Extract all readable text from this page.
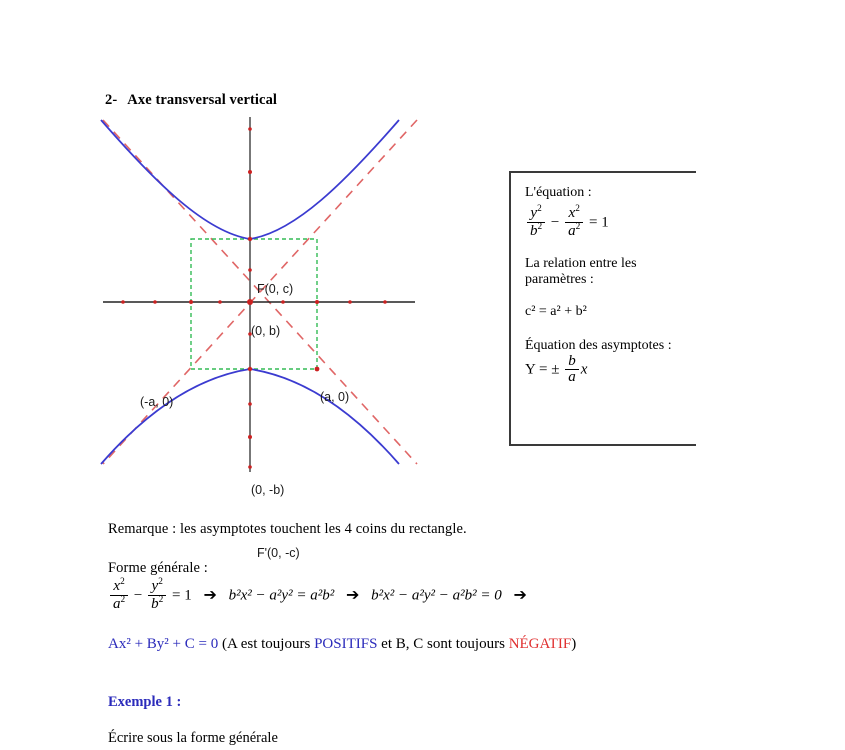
2- Axe transversal vertical
F(0, c)
(0, b)
(a, 0)
(-a, 0)
(0, -b)
F'(0, -c)

L'équation :

$\frac{y^2}{b^2} - \frac{x^2}{a^2} = 1$

La relation entre les

paramètres :

c² = a² + b²

Équation des asymptotes :

Y = ± $\frac{b}{a}$ x

Remarque : les asymptotes touchent les 4 coins du rectangle.
Forme générale :
$\frac{x^2}{a^2} - \frac{y^2}{b^2} = 1$ ➔ b²x² − a²y² = a²b² ➔ b²x² − a²y² − a²b² = 0 ➔
Ax² + By² + C = 0 (A est toujours POSITIFS et B, C sont toujours NÉGATIF)
Exemple 1 :
Écrire sous la forme générale
